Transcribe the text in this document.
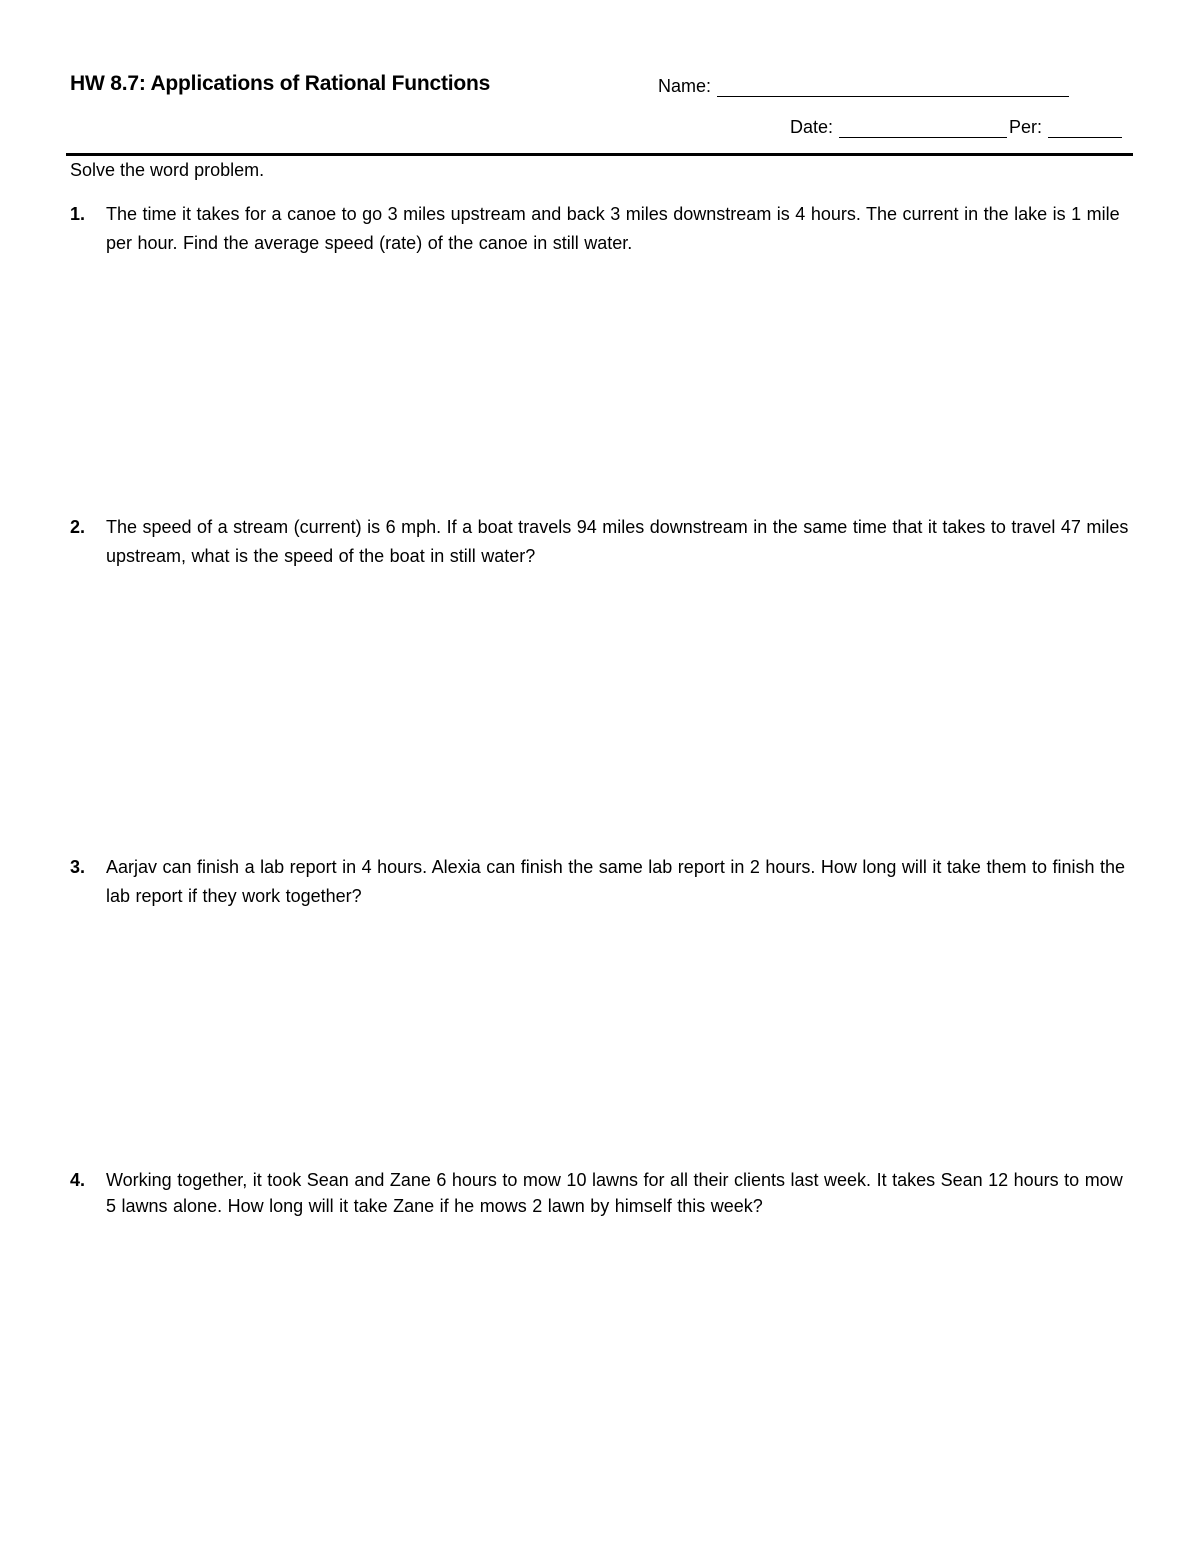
HW 8.7: Applications of Rational Functions	Name:
Date:	Per:
Solve the word problem.
1.	The time it takes for a canoe to go 3 miles upstream and back 3 miles downstream is 4 hours. The current in the lake is 1 mile per hour. Find the average speed (rate) of the canoe in still water.
2.	The speed of a stream (current) is 6 mph. If a boat travels 94 miles downstream in the same time that it takes to travel 47 miles upstream, what is the speed of the boat in still water?
3.	Aarjav can finish a lab report in 4 hours. Alexia can finish the same lab report in 2 hours. How long will it take them to finish the lab report if they work together?
4.	Working together, it took Sean and Zane 6 hours to mow 10 lawns for all their clients last week. It takes Sean 12 hours to mow 5 lawns alone. How long will it take Zane if he mows 2 lawn by himself this week?
